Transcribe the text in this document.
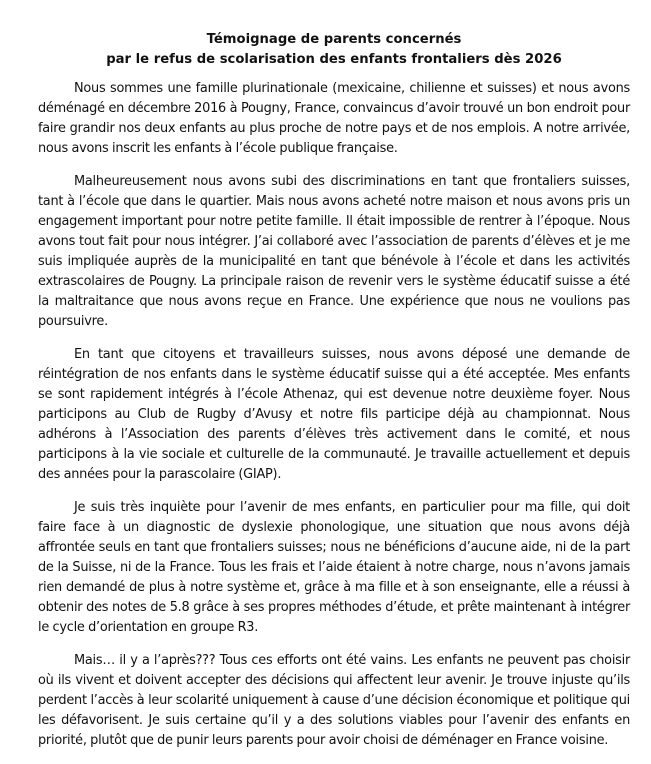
Témoignage de parents concernés
par le refus de scolarisation des enfants frontaliers dès 2026

Nous sommes une famille plurinationale (mexicaine, chilienne et suisses) et nous avons déménagé en décembre 2016 à Pougny, France, convaincus d’avoir trouvé un bon endroit pour faire grandir nos deux enfants au plus proche de notre pays et de nos emplois. A notre arrivée, nous avons inscrit les enfants à l’école publique française.

Malheureusement nous avons subi des discriminations en tant que frontaliers suisses, tant à l’école que dans le quartier. Mais nous avons acheté notre maison et nous avons pris un engagement important pour notre petite famille. Il était impossible de rentrer à l’époque. Nous avons tout fait pour nous intégrer. J’ai collaboré avec l’association de parents d’élèves et je me suis impliquée auprès de la municipalité en tant que bénévole à l’école et dans les activités extrascolaires de Pougny. La principale raison de revenir vers le système éducatif suisse a été la maltraitance que nous avons reçue en France. Une expérience que nous ne voulions pas poursuivre.

En tant que citoyens et travailleurs suisses, nous avons déposé une demande de réintégration de nos enfants dans le système éducatif suisse qui a été acceptée. Mes enfants se sont rapidement intégrés à l’école Athenaz, qui est devenue notre deuxième foyer. Nous participons au Club de Rugby d’Avusy et notre fils participe déjà au championnat. Nous adhérons à l’Association des parents d’élèves très activement dans le comité, et nous participons à la vie sociale et culturelle de la communauté. Je travaille actuellement et depuis des années pour la parascolaire (GIAP).

Je suis très inquiète pour l’avenir de mes enfants, en particulier pour ma fille, qui doit faire face à un diagnostic de dyslexie phonologique, une situation que nous avons déjà affrontée seuls en tant que frontaliers suisses; nous ne bénéficions d’aucune aide, ni de la part de la Suisse, ni de la France. Tous les frais et l’aide étaient à notre charge, nous n’avons jamais rien demandé de plus à notre système et, grâce à ma fille et à son enseignante, elle a réussi à obtenir des notes de 5.8 grâce à ses propres méthodes d’étude, et prête maintenant à intégrer le cycle d’orientation en groupe R3.

Mais… il y a l’après??? Tous ces efforts ont été vains. Les enfants ne peuvent pas choisir où ils vivent et doivent accepter des décisions qui affectent leur avenir. Je trouve injuste qu’ils perdent l’accès à leur scolarité uniquement à cause d’une décision économique et politique qui les défavorisent. Je suis certaine qu’il y a des solutions viables pour l’avenir des enfants en priorité, plutôt que de punir leurs parents pour avoir choisi de déménager en France voisine.
